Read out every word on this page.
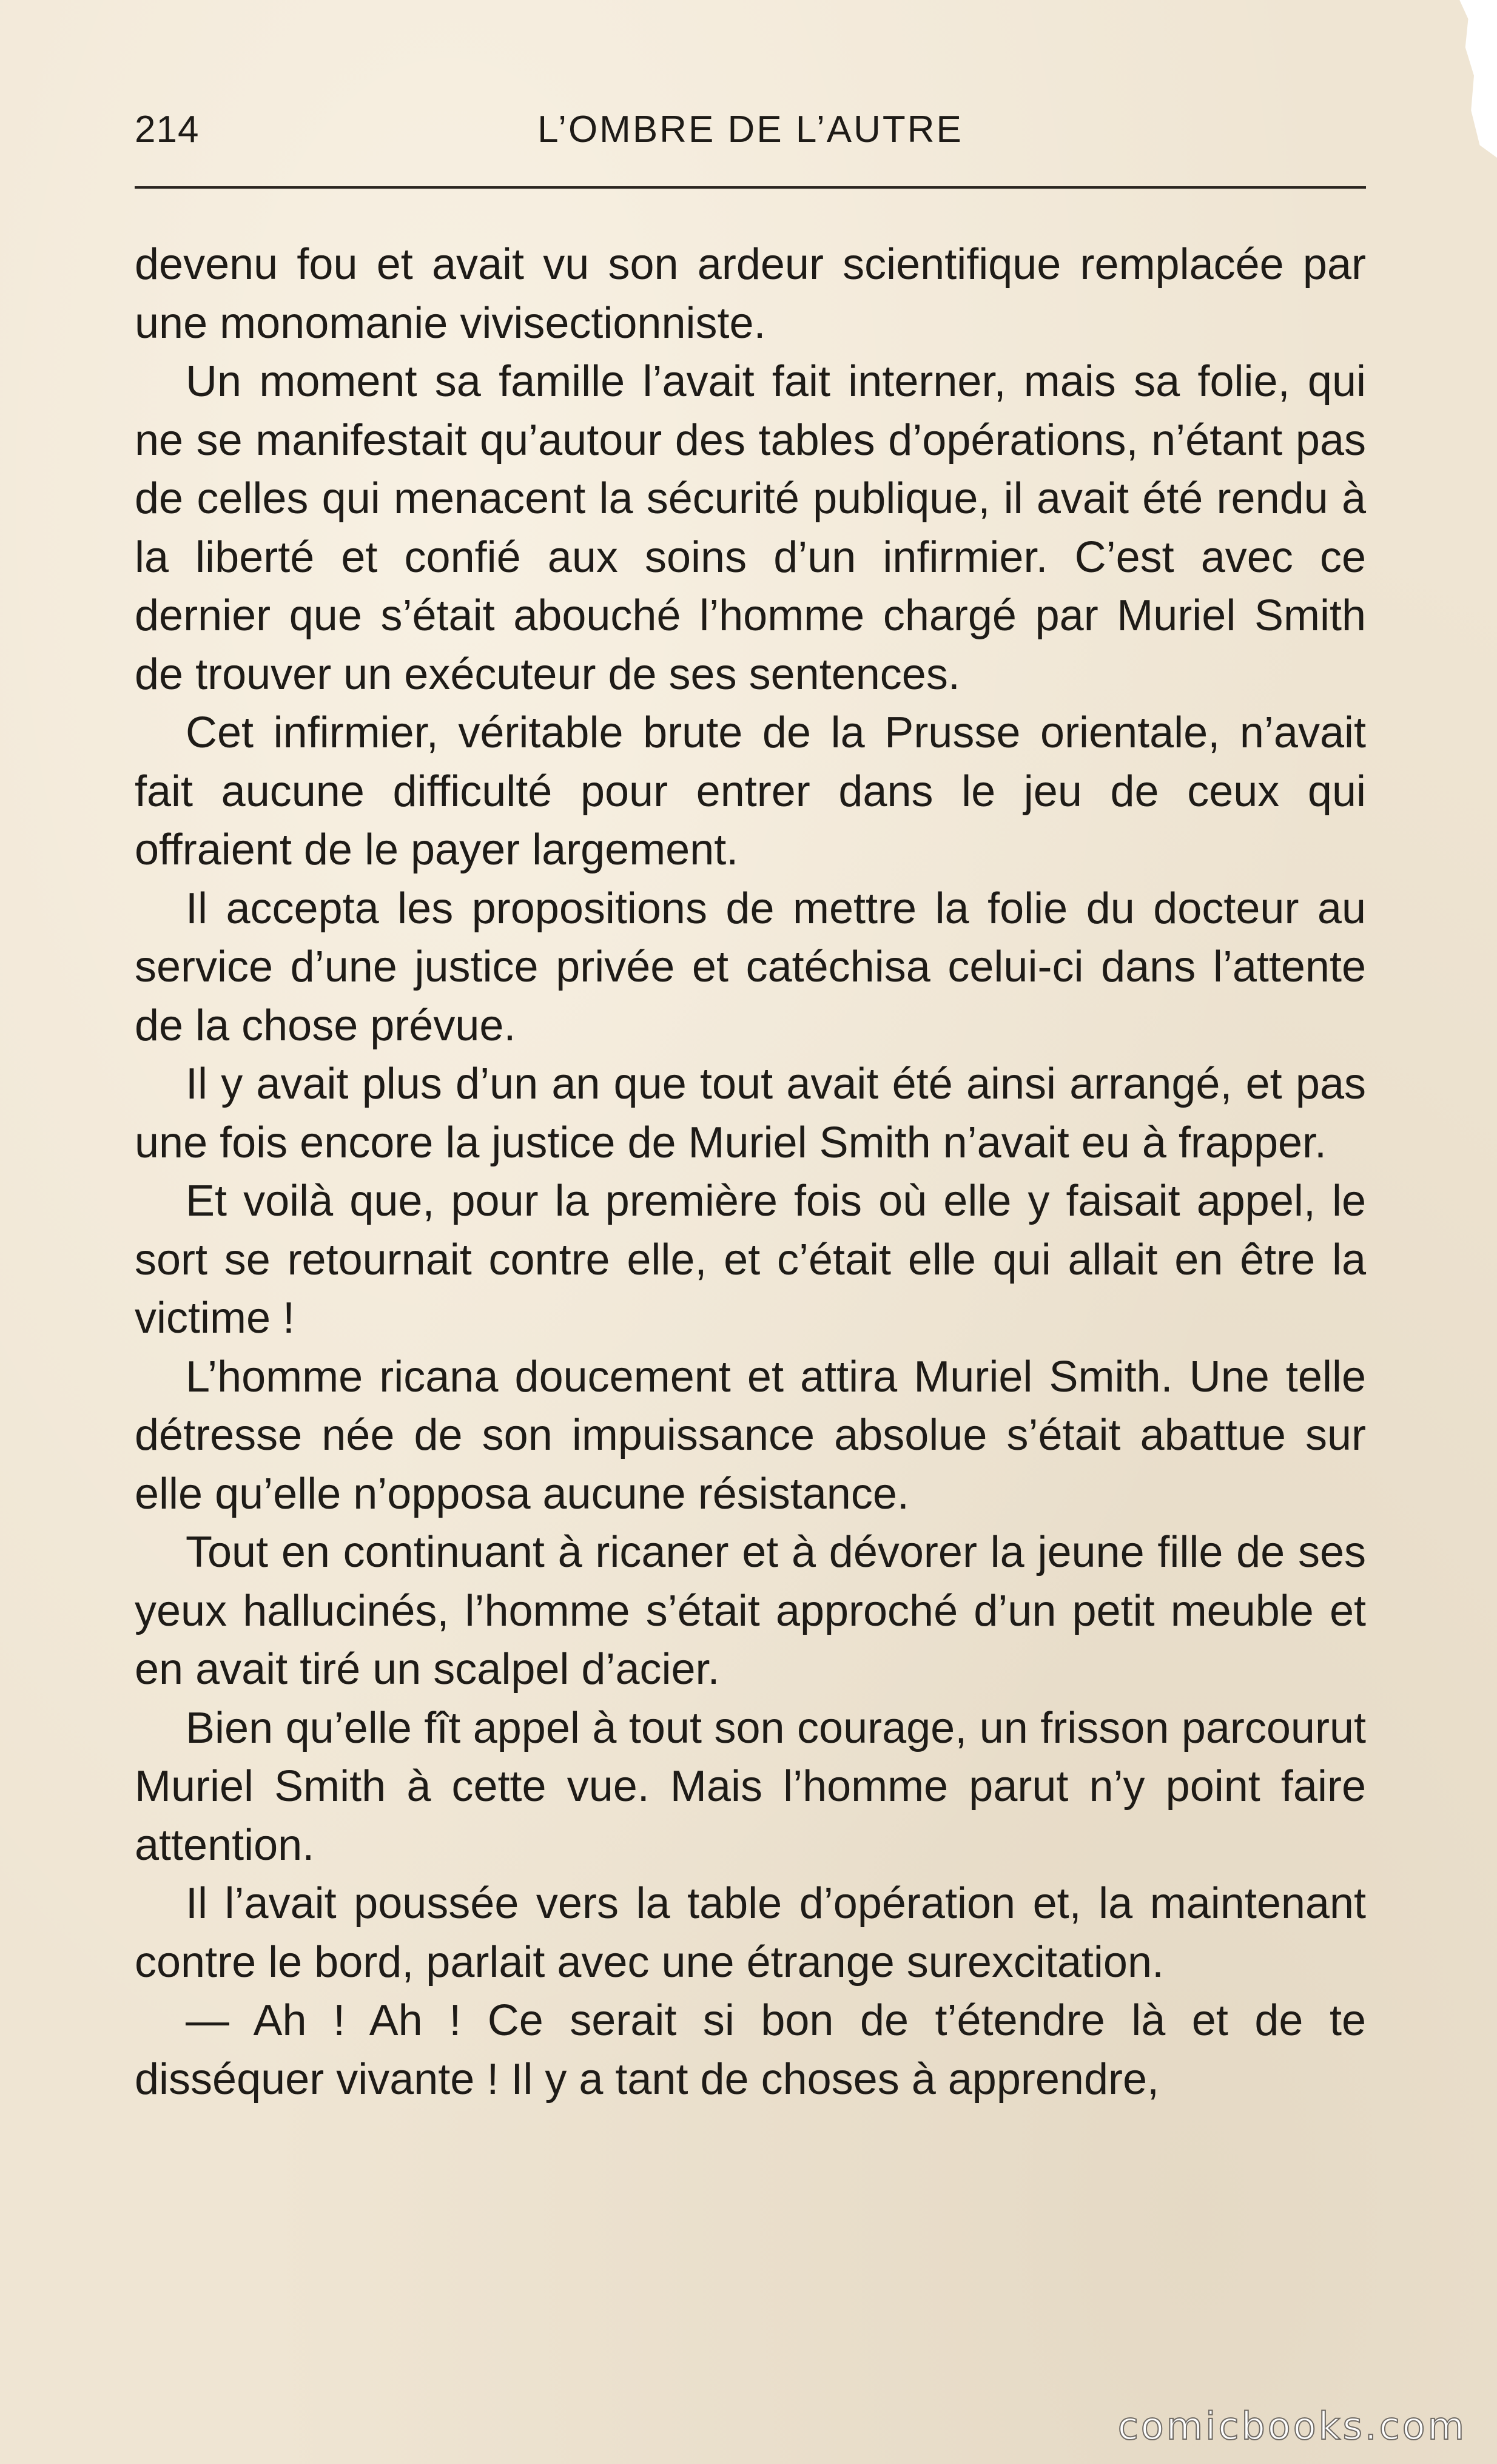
214	L’OMBRE DE L’AUTRE

devenu fou et avait vu son ardeur scientifique remplacée par une monomanie vivisectionniste.

Un moment sa famille l’avait fait interner, mais sa folie, qui ne se manifestait qu’autour des tables d’opérations, n’étant pas de celles qui menacent la sécurité publique, il avait été rendu à la liberté et confié aux soins d’un infirmier. C’est avec ce dernier que s’était abouché l’homme chargé par Muriel Smith de trouver un exécuteur de ses sentences.

Cet infirmier, véritable brute de la Prusse orientale, n’avait fait aucune difficulté pour entrer dans le jeu de ceux qui offraient de le payer largement.

Il accepta les propositions de mettre la folie du docteur au service d’une justice privée et catéchisa celui-ci dans l’attente de la chose prévue.

Il y avait plus d’un an que tout avait été ainsi arrangé, et pas une fois encore la justice de Muriel Smith n’avait eu à frapper.

Et voilà que, pour la première fois où elle y faisait appel, le sort se retournait contre elle, et c’était elle qui allait en être la victime !

L’homme ricana doucement et attira Muriel Smith. Une telle détresse née de son impuissance absolue s’était abattue sur elle qu’elle n’opposa aucune résistance.

Tout en continuant à ricaner et à dévorer la jeune fille de ses yeux hallucinés, l’homme s’était approché d’un petit meuble et en avait tiré un scalpel d’acier.

Bien qu’elle fît appel à tout son courage, un frisson parcourut Muriel Smith à cette vue. Mais l’homme parut n’y point faire attention.

Il l’avait poussée vers la table d’opération et, la maintenant contre le bord, parlait avec une étrange surexcitation.

— Ah ! Ah ! Ce serait si bon de t’étendre là et de te disséquer vivante ! Il y a tant de choses à apprendre,

comicbooks.com
